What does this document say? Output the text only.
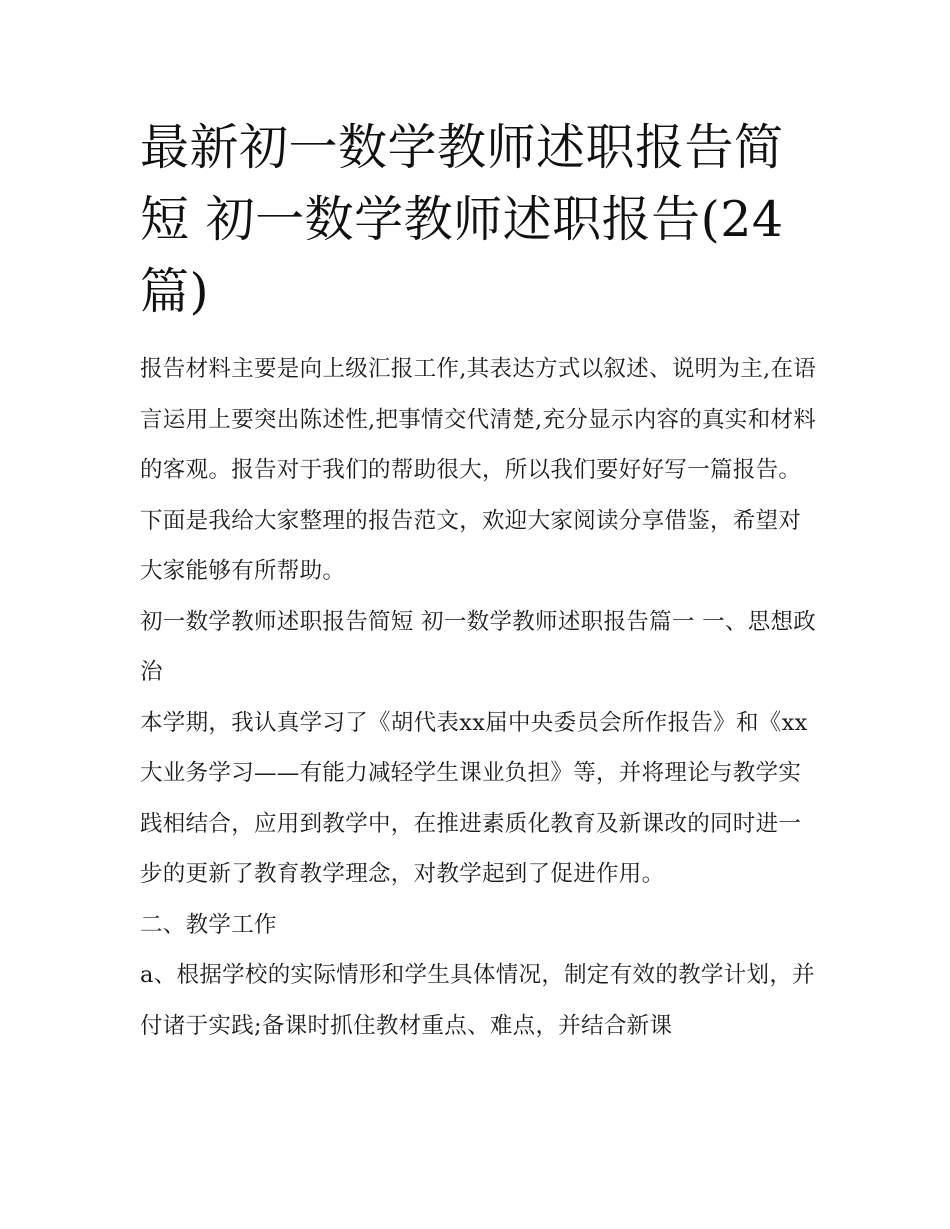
最新初一数学教师述职报告简短 初一数学教师述职报告(24篇)

报告材料主要是向上级汇报工作,其表达方式以叙述、说明为主,在语言运用上要突出陈述性,把事情交代清楚,充分显示内容的真实和材料的客观。报告对于我们的帮助很大，所以我们要好好写一篇报告。下面是我给大家整理的报告范文，欢迎大家阅读分享借鉴，希望对大家能够有所帮助。

初一数学教师述职报告简短 初一数学教师述职报告篇一 一、思想政治

本学期，我认真学习了《胡代表xx届中央委员会所作报告》和《xx大业务学习——有能力减轻学生课业负担》等，并将理论与教学实践相结合，应用到教学中，在推进素质化教育及新课改的同时进一步的更新了教育教学理念，对教学起到了促进作用。

二、教学工作

a、根据学校的实际情形和学生具体情况，制定有效的教学计划，并付诸于实践;备课时抓住教材重点、难点，并结合新课
